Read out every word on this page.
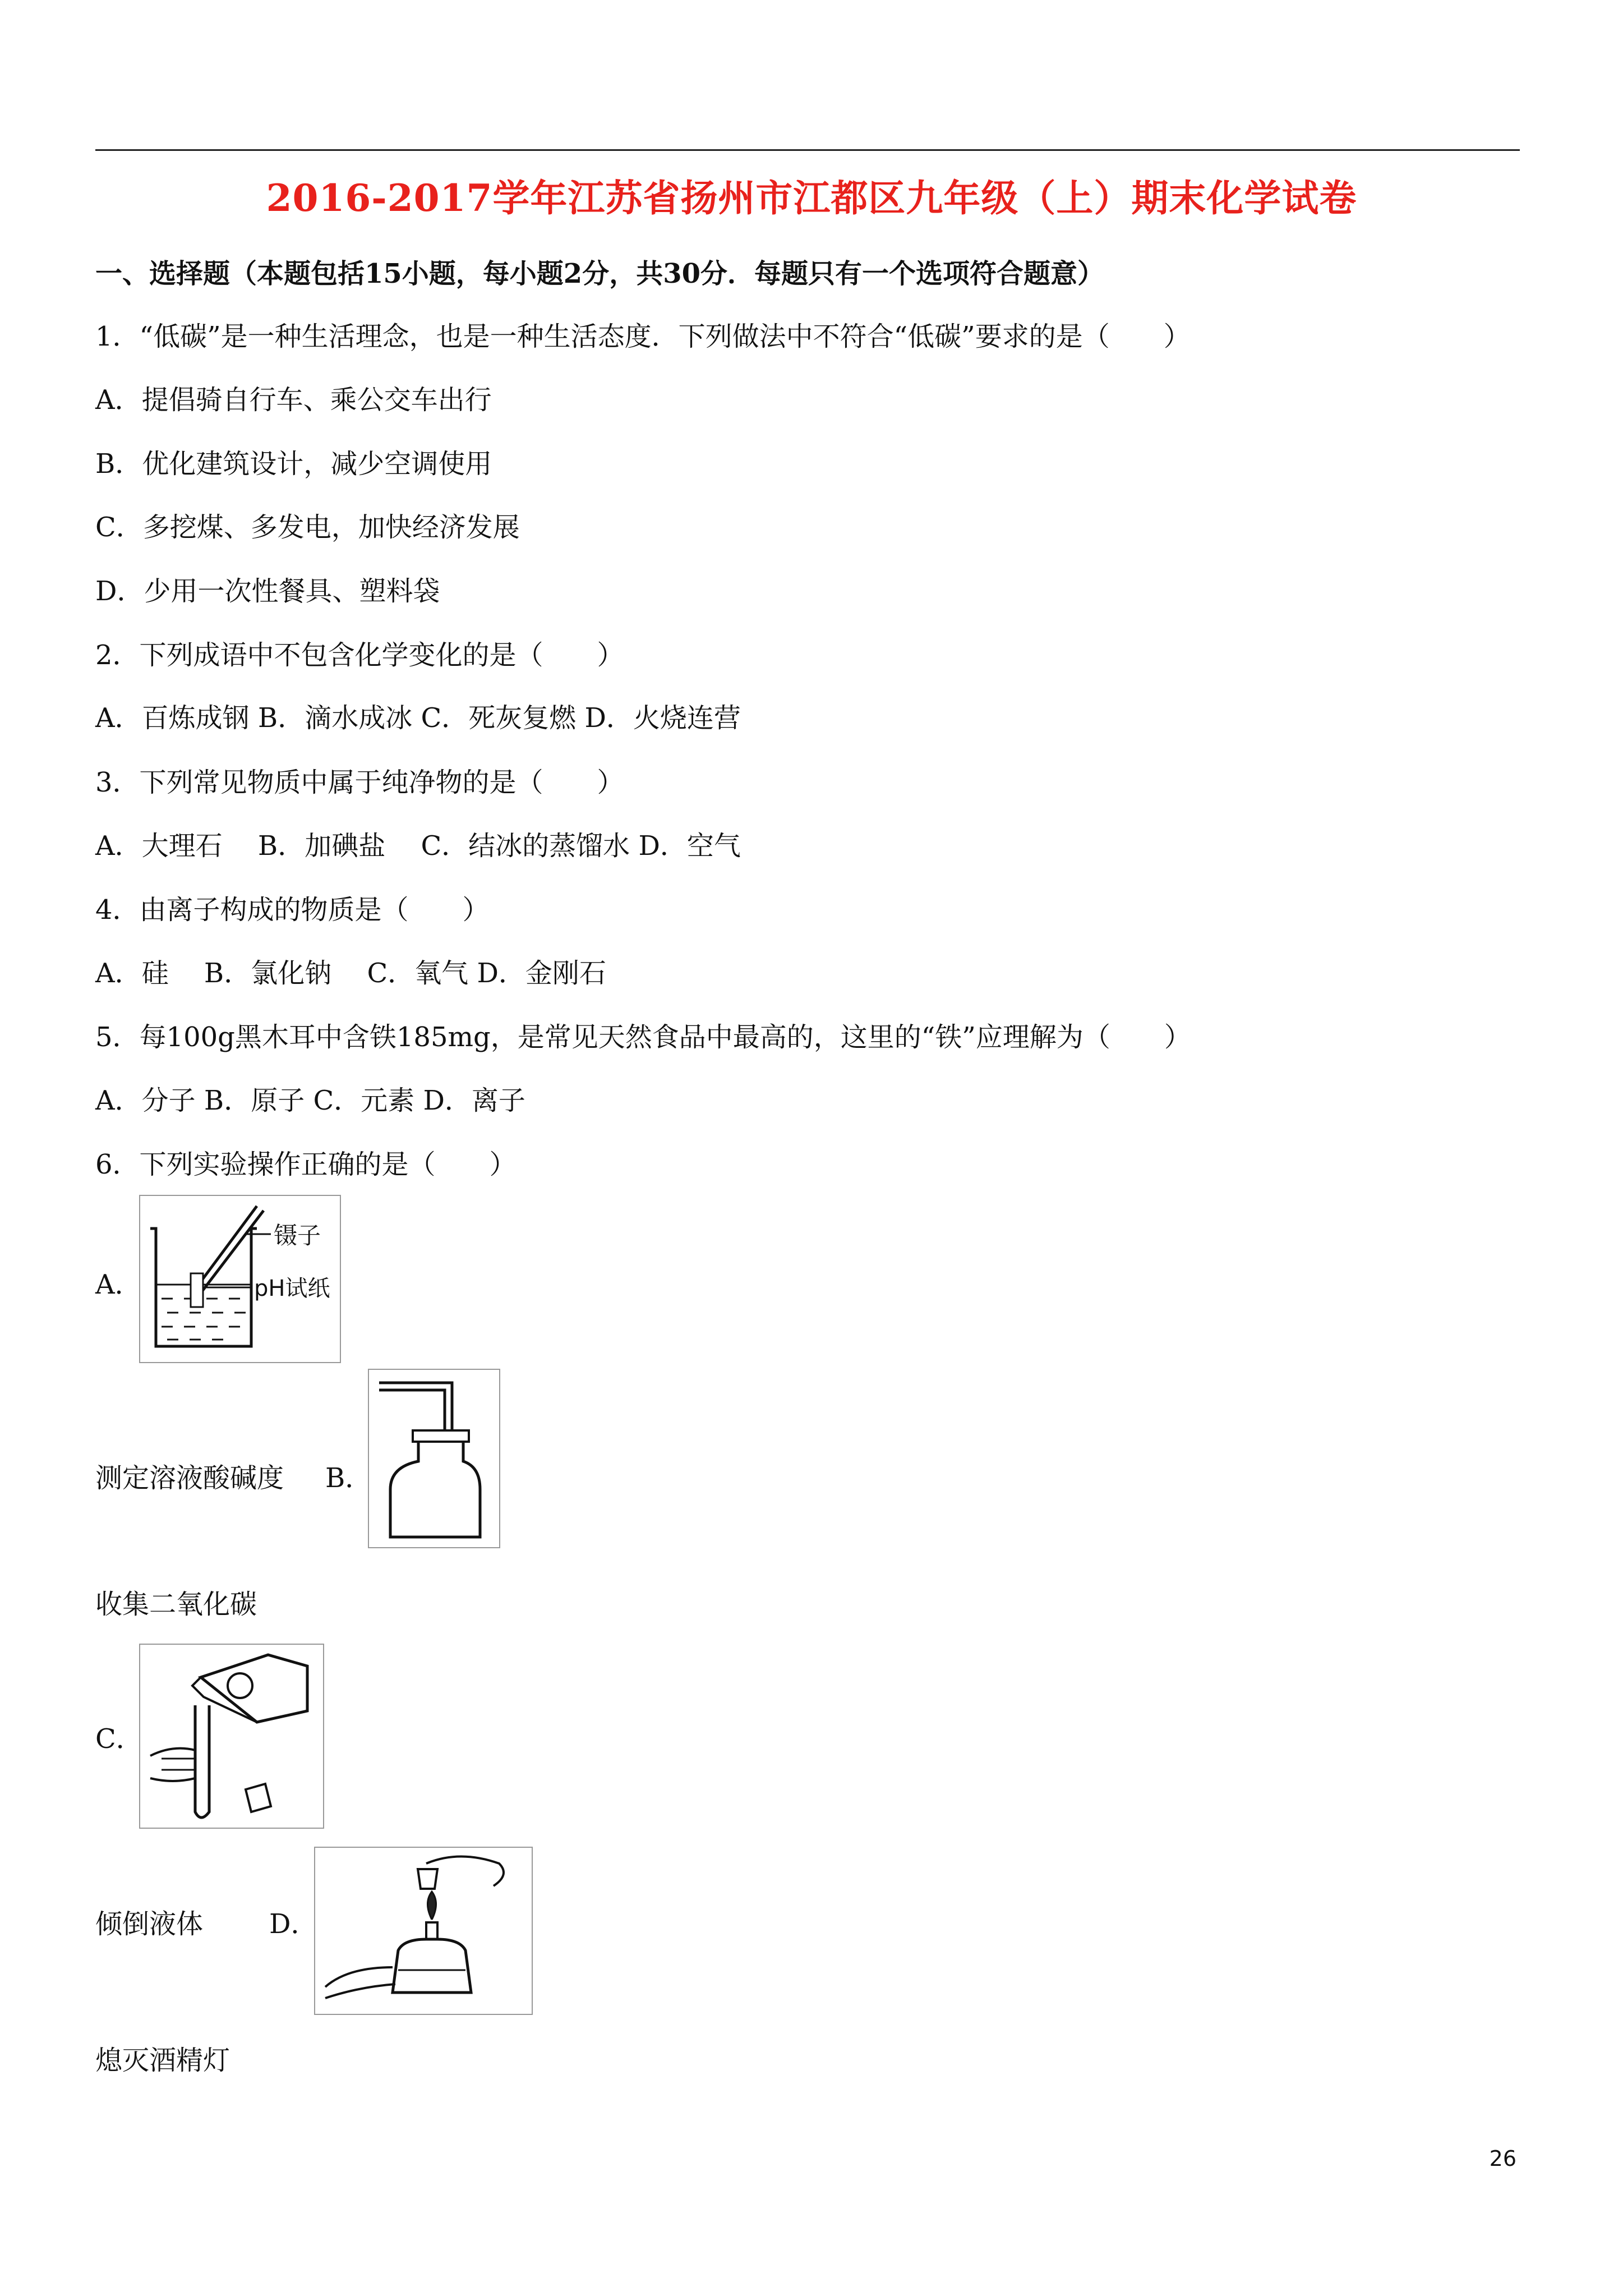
2016-2017学年江苏省扬州市江都区九年级（上）期末化学试卷
一、选择题（本题包括15小题，每小题2分，共30分．每题只有一个选项符合题意）
1．“低碳”是一种生活理念，也是一种生活态度．下列做法中不符合“低碳”要求的是（　　）
A．提倡骑自行车、乘公交车出行
B．优化建筑设计，减少空调使用
C．多挖煤、多发电，加快经济发展
D．少用一次性餐具、塑料袋
2．下列成语中不包含化学变化的是（　　）
A．百炼成钢 B．滴水成冰 C．死灰复燃 D．火烧连营
3．下列常见物质中属于纯净物的是（　　）
A．大理石　 B．加碘盐　 C．结冰的蒸馏水 D．空气
4．由离子构成的物质是（　　）
A．硅　 B．氯化钠　 C．氧气 D．金刚石
5．每100g黑木耳中含铁185mg，是常见天然食品中最高的，这里的“铁”应理解为（　　）
A．分子 B．原子 C．元素 D．离子
6．下列实验操作正确的是（　　）
A．
镊子
pH试纸
测定溶液酸碱度 B．
收集二氧化碳
C．
倾倒液体 D．
熄灭酒精灯
26
